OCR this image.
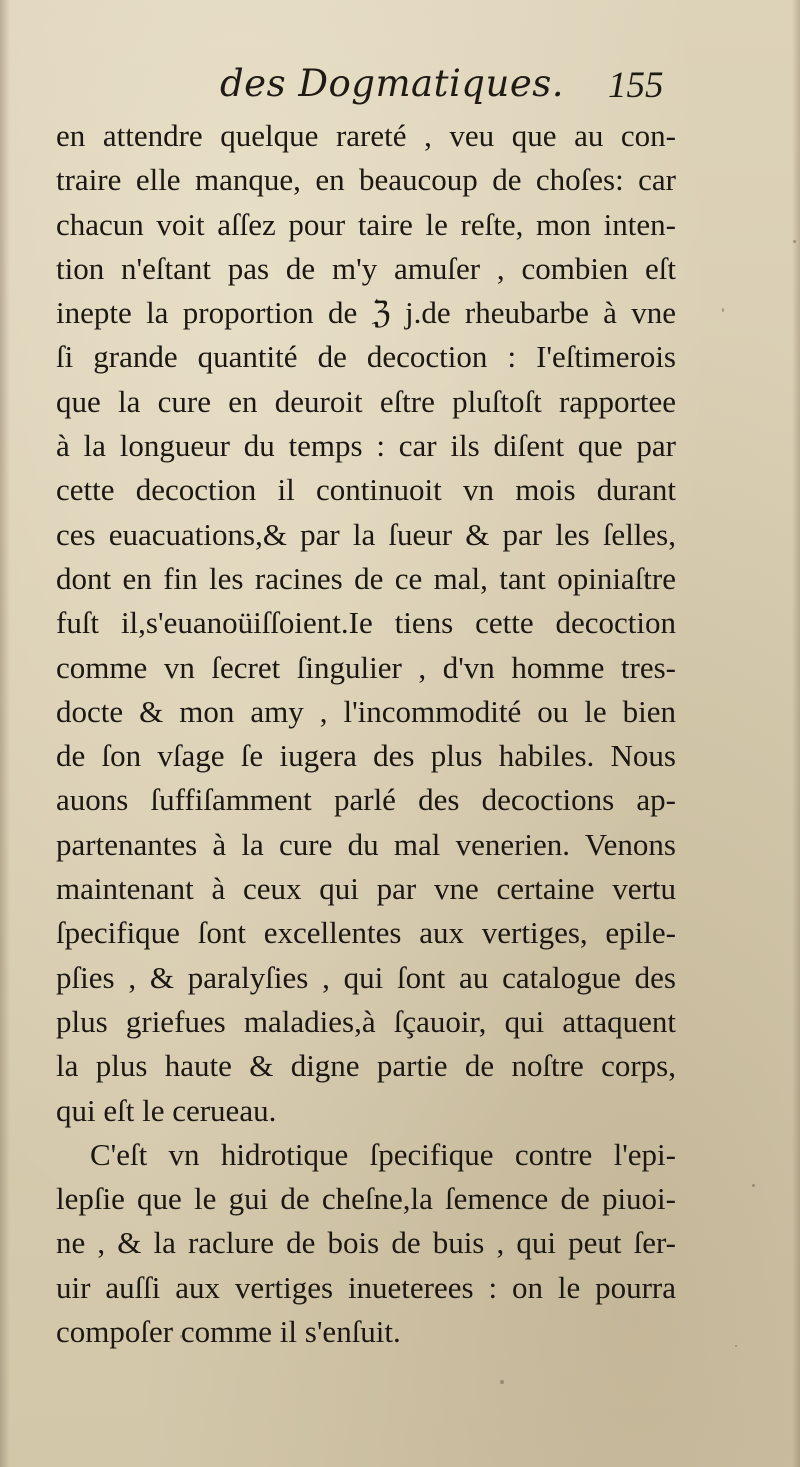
des Dogmatiques. 155
en attendre quelque rareté , veu que au con-
traire elle manque, en beaucoup de choſes: car
chacun voit aſſez pour taire le reſte, mon inten-
tion n'eſtant pas de m'y amuſer , combien eſt
inepte la proportion de ℨ j.de rheubarbe à vne
ſi grande quantité de decoction : I'eſtimerois
que la cure en deuroit eſtre pluſtoſt rapportee
à la longueur du temps : car ils diſent que par
cette decoction il continuoit vn mois durant
ces euacuations,& par la ſueur & par les ſelles,
dont en fin les racines de ce mal, tant opiniaſtre
fuſt il,s'euanoüiſſoient.Ie tiens cette decoction
comme vn ſecret ſingulier , d'vn homme tres-
docte & mon amy , l'incommodité ou le bien
de ſon vſage ſe iugera des plus habiles. Nous
auons ſuffiſamment parlé des decoctions ap-
partenantes à la cure du mal venerien. Venons
maintenant à ceux qui par vne certaine vertu
ſpecifique ſont excellentes aux vertiges, epile-
pſies , & paralyſies , qui ſont au catalogue des
plus griefues maladies,à ſçauoir, qui attaquent
la plus haute & digne partie de noſtre corps,
qui eſt le cerueau.
C'eſt vn hidrotique ſpecifique contre l'epi-
lepſie que le gui de cheſne,la ſemence de piuoi-
ne , & la raclure de bois de buis , qui peut ſer-
uir auſſi aux vertiges inueterees : on le pourra
compoſer comme il s'enſuit.
